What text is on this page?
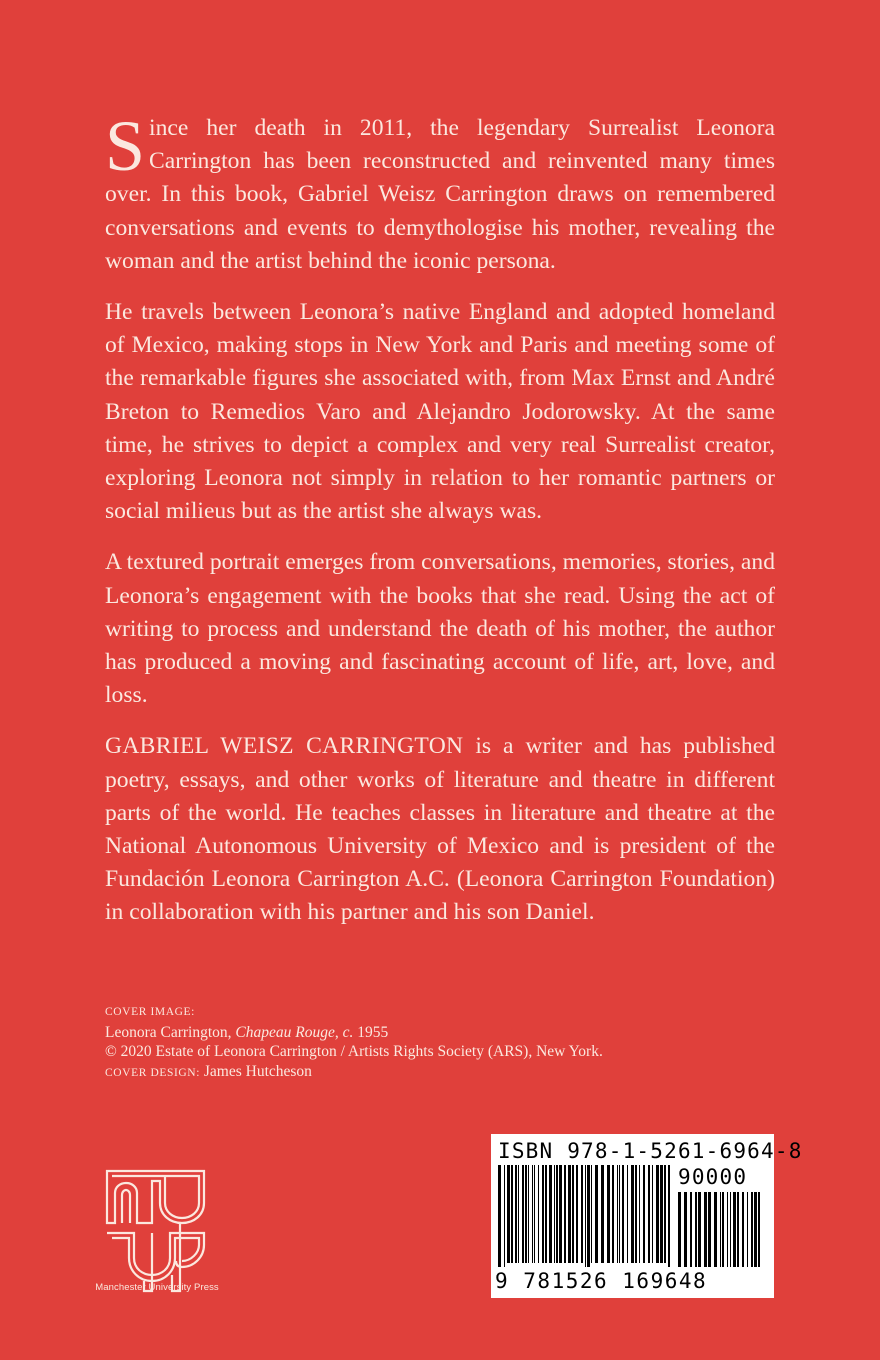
Since her death in 2011, the legendary Surrealist Leonora Carrington has been reconstructed and reinvented many times over. In this book, Gabriel Weisz Carrington draws on remembered conversations and events to demythologise his mother, revealing the woman and the artist behind the iconic persona.

He travels between Leonora’s native England and adopted homeland of Mexico, making stops in New York and Paris and meeting some of the remarkable figures she associated with, from Max Ernst and André Breton to Remedios Varo and Alejandro Jodorowsky. At the same time, he strives to depict a complex and very real Surrealist creator, exploring Leonora not simply in relation to her romantic partners or social milieus but as the artist she always was.

A textured portrait emerges from conversations, memories, stories, and Leonora’s engagement with the books that she read. Using the act of writing to process and understand the death of his mother, the author has produced a moving and fascinating account of life, art, love, and loss.

GABRIEL WEISZ CARRINGTON is a writer and has published poetry, essays, and other works of literature and theatre in different parts of the world. He teaches classes in literature and theatre at the National Autonomous University of Mexico and is president of the Fundación Leonora Carrington A.C. (Leonora Carrington Foundation) in collaboration with his partner and his son Daniel.

COVER IMAGE:
Leonora Carrington, Chapeau Rouge, c. 1955
© 2020 Estate of Leonora Carrington / Artists Rights Society (ARS), New York.
COVER DESIGN: James Hutcheson
Manchester University Press
ISBN 978-1-5261-6964-8
90000
9 781526 169648
